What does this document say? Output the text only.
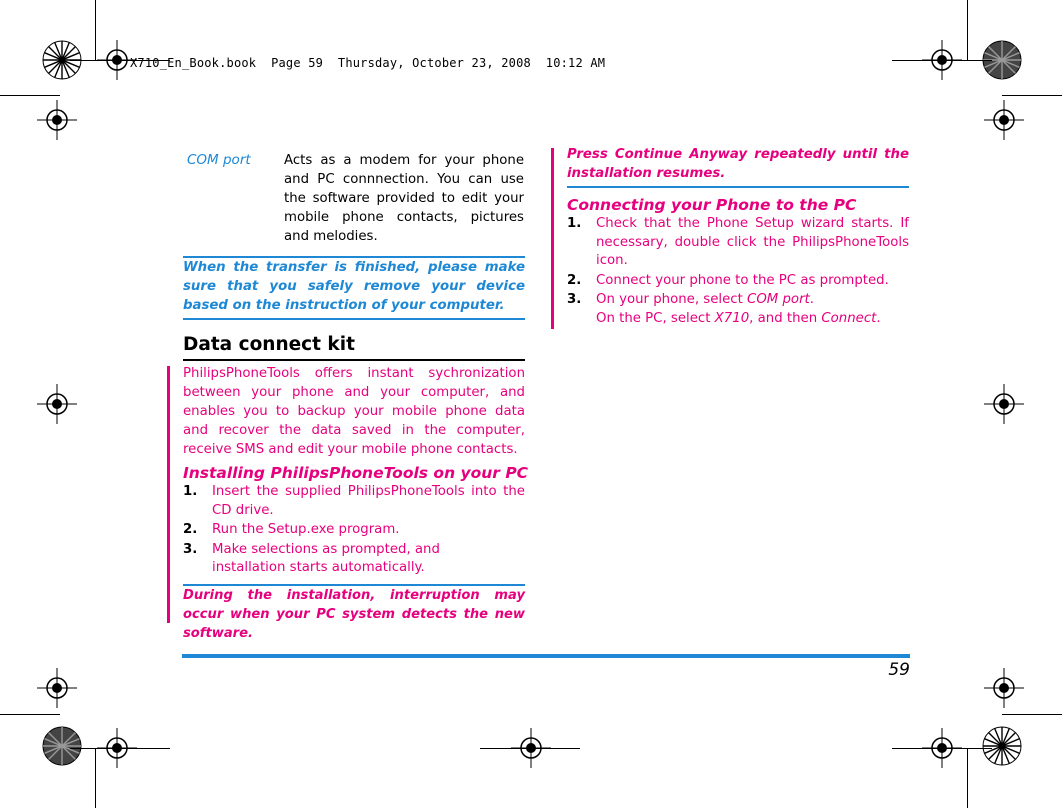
X710_En_Book.book  Page 59  Thursday, October 23, 2008  10:12 AM
COM port	Acts as a modem for your phone and PC connnection. You can use the software provided to edit your mobile phone contacts, pictures and melodies.
When the transfer is finished, please make sure that you safely remove your device based on the instruction of your computer.
Data connect kit
PhilipsPhoneTools offers instant sychronization between your phone and your computer, and enables you to backup your mobile phone data and recover the data saved in the computer, receive SMS and edit your mobile phone contacts.
Installing PhilipsPhoneTools on your PC
1. Insert the supplied PhilipsPhoneTools into the CD drive.
2. Run the Setup.exe program.
3. Make selections as prompted, and installation starts automatically.
During the installation, interruption may occur when your PC system detects the new software.
Press Continue Anyway repeatedly until the installation resumes.
Connecting your Phone to the PC
1. Check that the Phone Setup wizard starts. If necessary, double click the PhilipsPhoneTools icon.
2. Connect your phone to the PC as prompted.
3. On your phone, select COM port.
On the PC, select X710, and then Connect.
59
